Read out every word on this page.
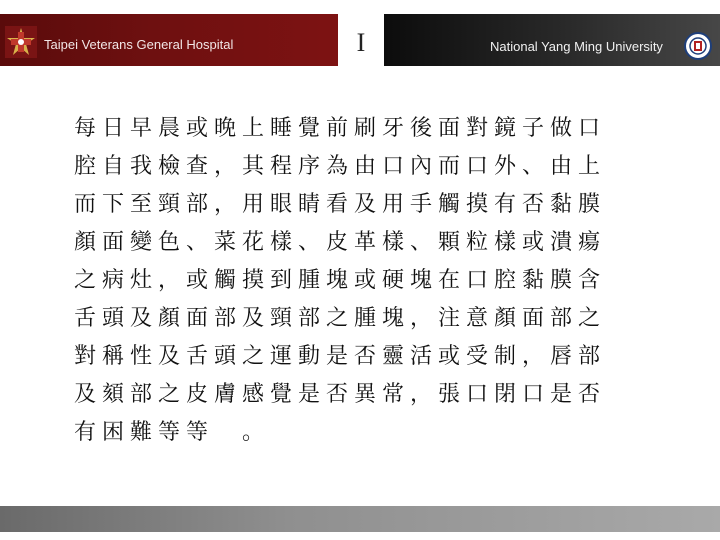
Taipei Veterans General Hospital	I	National Yang Ming University

每日早晨或晚上睡覺前刷牙後面對鏡子做口腔自我檢查，其程序為由口內而口外、由上而下至頸部，用眼睛看及用手觸摸有否黏膜顏面變色、菜花樣、皮革樣、顆粒樣或潰瘍之病灶，或觸摸到腫塊或硬塊在口腔黏膜含舌頭及顏面部及頸部之腫塊，注意顏面部之對稱性及舌頭之運動是否靈活或受制，唇部及頦部之皮膚感覺是否異常，張口閉口是否有困難等等　。
